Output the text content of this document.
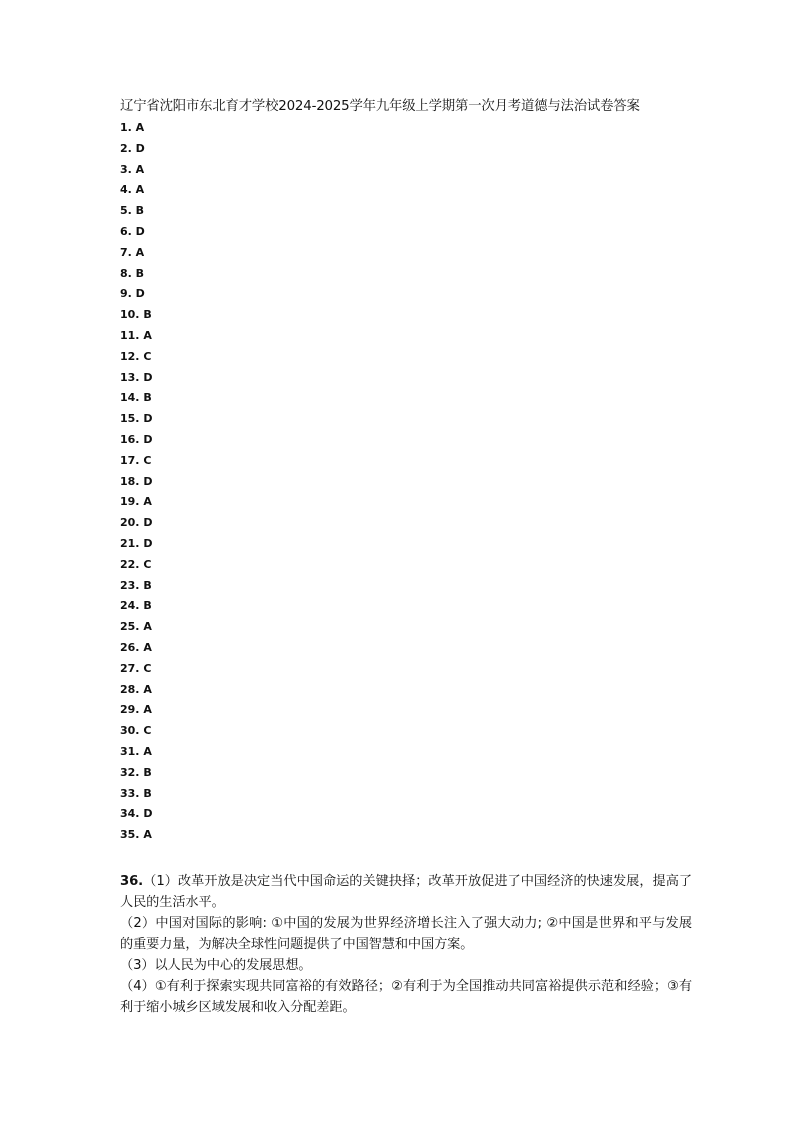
辽宁省沈阳市东北育才学校2024-2025学年九年级上学期第一次月考道德与法治试卷答案
1. A
2. D
3. A
4. A
5. B
6. D
7. A
8. B
9. D
10. B
11. A
12. C
13. D
14. B
15. D
16. D
17. C
18. D
19. A
20. D
21. D
22. C
23. B
24. B
25. A
26. A
27. C
28. A
29. A
30. C
31. A
32. B
33. B
34. D
35. A

36.（1）改革开放是决定当代中国命运的关键抉择；改革开放促进了中国经济的快速发展，提高了人民的生活水平。

（2）中国对国际的影响: ①中国的发展为世界经济增长注入了强大动力; ②中国是世界和平与发展的重要力量，为解决全球性问题提供了中国智慧和中国方案。

（3）以人民为中心的发展思想。

（4）①有利于探索实现共同富裕的有效路径；②有利于为全国推动共同富裕提供示范和经验；③有利于缩小城乡区域发展和收入分配差距。
